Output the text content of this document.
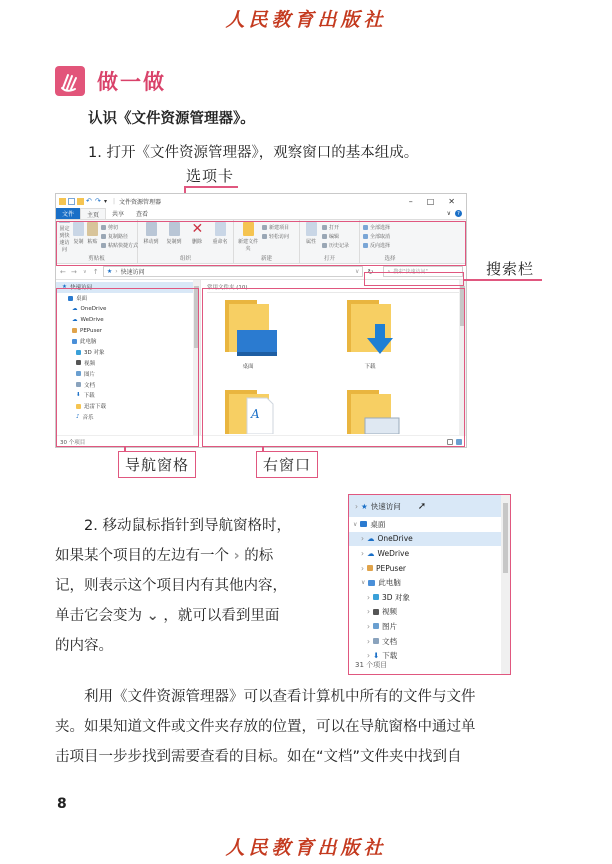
人民教育出版社
人民教育出版社
做一做
认识《文件资源管理器》。
1. 打开《文件资源管理器》，观察窗口的基本组成。
选项卡
↶ ↷ ▾ | 文件资源管理器	– □ ✕
文件	主页	共享	查看	∨	?
固定到快速访问
复制 粘贴
剪切
复制路径
粘贴快捷方式
剪贴板
移动到 复制到
✕
删除 重命名
组织
新建文件夹
新建项目
轻松访问
新建
属性
打开
编辑
历史记录
打开
全部选择
全部取消
反向选择
选择
← →	∨ ↑ ★ › 快速访问	∨ ↻	⌕ 搜索"快速访问"
★ 快速访问
桌面
☁ OneDrive
☁ WeDrive
PEPuser
此电脑
3D 对象
视频
图片
文档
⬇ 下载
迅雷下载
♪ 音乐
常用文件夹 (10)
桌面	下载
A
30 个项目
搜索栏
导航窗格	右窗口
2. 移动鼠标指针到导航窗格时，
如果某个项目的左边有一个 › 的标
记，则表示这个项目内有其他内容，
单击它会变为 ⌄ ，就可以看到里面
的内容。
› ★ 快速访问 ➚
∨ 桌面
› ☁ OneDrive
› ☁ WeDrive
› PEPuser
∨ 此电脑
› 3D 对象
› 视频
› 图片
› 文档
› ⬇ 下载
31 个项目
利用《文件资源管理器》可以查看计算机中所有的文件与文件
夹。如果知道文件或文件夹存放的位置，可以在导航窗格中通过单
击项目一步步找到需要查看的目标。如在“文档”文件夹中找到自
8
